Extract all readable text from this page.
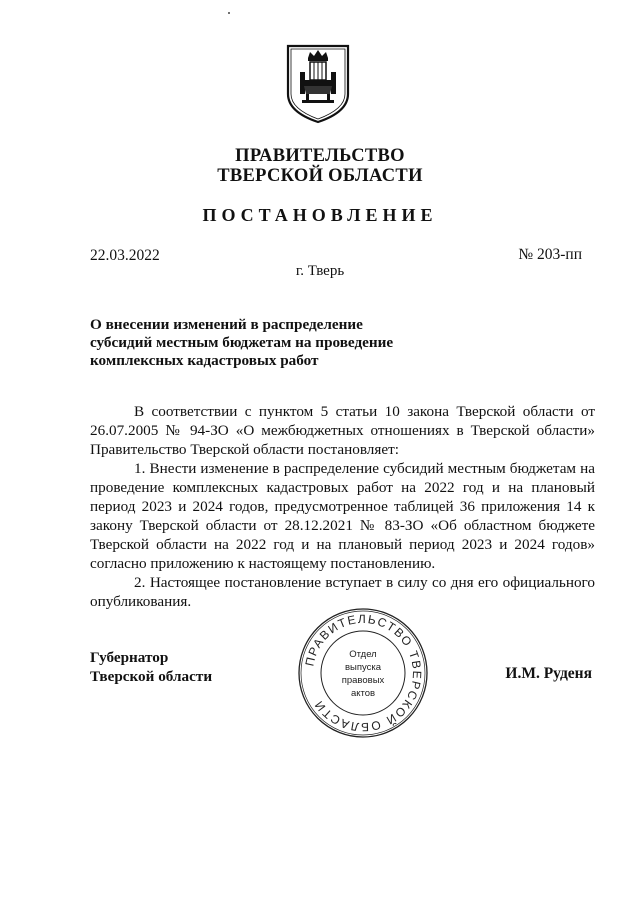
ПРАВИТЕЛЬСТВО
ТВЕРСКОЙ ОБЛАСТИ
ПОСТАНОВЛЕНИЕ
22.03.2022	№ 203-пп
г. Тверь
О внесении изменений в распределение
субсидий местным бюджетам на проведение
комплексных кадастровых работ

В соответствии с пунктом 5 статьи 10 закона Тверской области от 26.07.2005 № 94-ЗО «О межбюджетных отношениях в Тверской области» Правительство Тверской области постановляет:

1. Внести изменение в распределение субсидий местным бюджетам на проведение комплексных кадастровых работ на 2022 год и на плановый период 2023 и 2024 годов, предусмотренное таблицей 36 приложения 14 к закону Тверской области от 28.12.2021 № 83-ЗО «Об областном бюджете Тверской области на 2022 год и на плановый период 2023 и 2024 годов» согласно приложению к настоящему постановлению.

2. Настоящее постановление вступает в силу со дня его официального опубликования.

Губернатор
Тверской области	И.М. Руденя
ПРАВИТЕЛЬСТВО ТВЕРСКОЙ ОБЛАСТИ
Отдел
выпуска
правовых
актов
